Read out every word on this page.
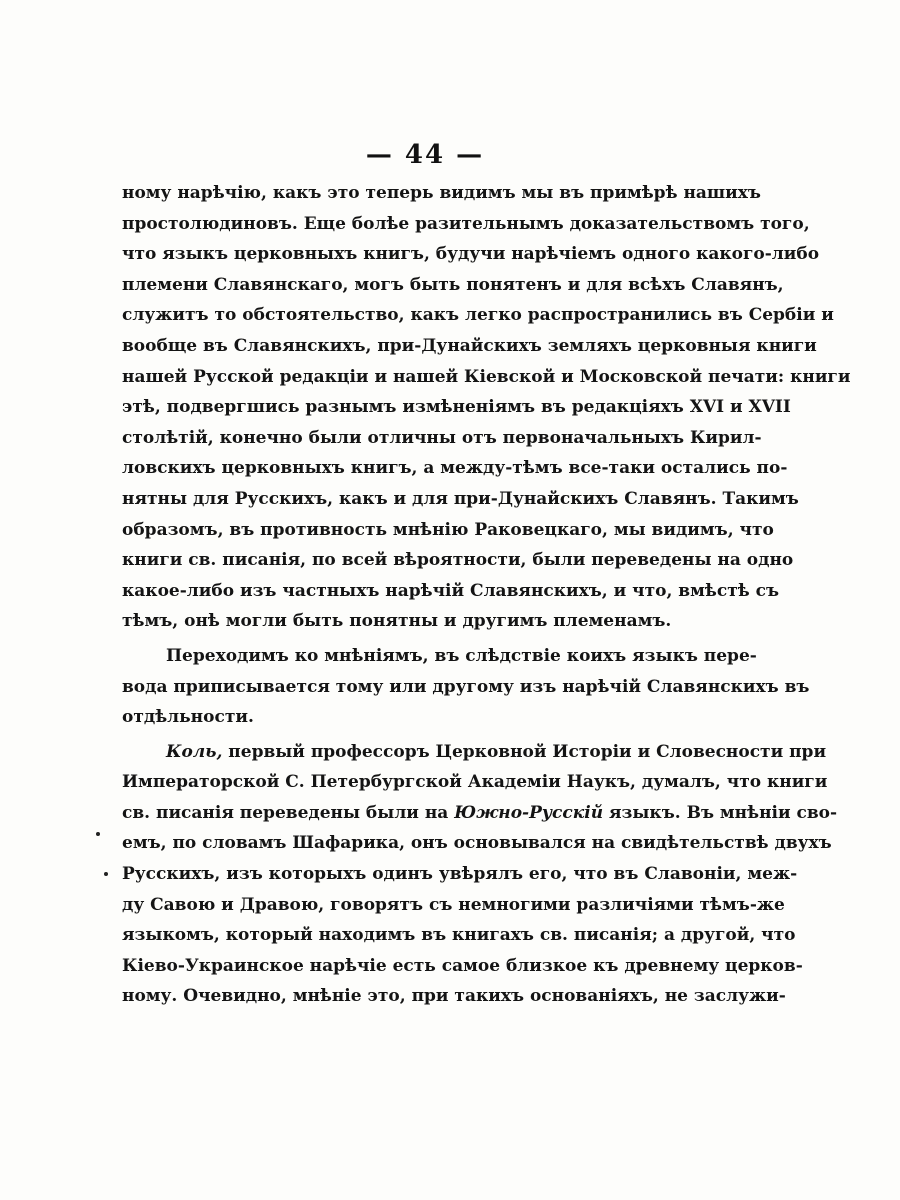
— 44 —
ному нарѣчію, какъ это теперь видимъ мы въ примѣрѣ нашихъ
простолюдиновъ. Еще болѣе разительнымъ доказательствомъ того,
что языкъ церковныхъ книгъ, будучи нарѣчіемъ одного какого-либо
племени Славянскаго, могъ быть понятенъ и для всѣхъ Славянъ,
служитъ то обстоятельство, какъ легко распространились въ Сербіи и
вообще въ Славянскихъ, при-Дунайскихъ земляхъ церковныя книги
нашей Русской редакціи и нашей Кіевской и Московской печати: книги
этѣ, подвергшись разнымъ измѣненіямъ въ редакціяхъ XVI и XVII
столѣтій, конечно были отличны отъ первоначальныхъ Кирил-
ловскихъ церковныхъ книгъ, а между-тѣмъ все-таки остались по-
нятны для Русскихъ, какъ и для при-Дунайскихъ Славянъ. Такимъ
образомъ, въ противность мнѣнію Раковецкаго, мы видимъ, что
книги св. писанія, по всей вѣроятности, были переведены на одно
какое-либо изъ частныхъ нарѣчій Славянскихъ, и что, вмѣстѣ съ
тѣмъ, онѣ могли быть понятны и другимъ племенамъ.
Переходимъ ко мнѣніямъ, въ слѣдствіе коихъ языкъ перe-
вода приписывается тому или другому изъ нарѣчій Славянскихъ въ
отдѣльности.
Коль, первый профессоръ Церковной Исторіи и Словесности при
Императорской С. Петербургской Академіи Наукъ, думалъ, что книги
св. писанія переведены были на Южно-Русскій языкъ. Въ мнѣніи сво-
емъ, по словамъ Шафарика, онъ основывался на свидѣтельствѣ двухъ
Русскихъ, изъ которыхъ одинъ увѣрялъ его, что въ Славоніи, меж-
ду Савою и Дравою, говорятъ съ немногими различіями тѣмъ-же
языкомъ, который находимъ въ книгахъ св. писанія; а другой, что
Кіево-Украинское нарѣчіе есть самое близкое къ древнему церков-
ному. Очевидно, мнѣніе это, при такихъ основаніяхъ, не заслужи-
